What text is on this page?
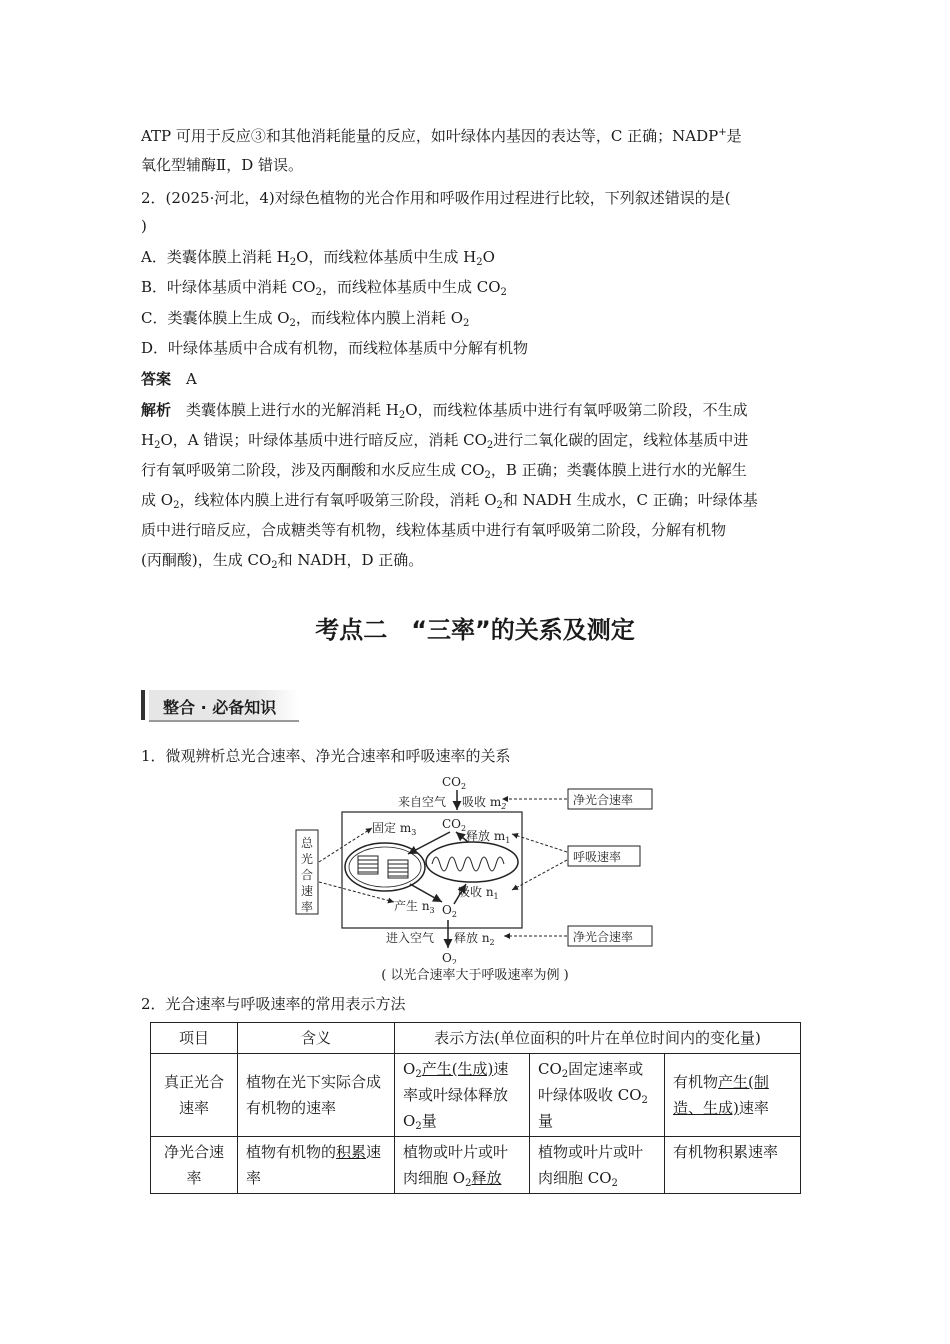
ATP 可用于反应③和其他消耗能量的反应，如叶绿体内基因的表达等，C 正确；NADP+是
氧化型辅酶Ⅱ，D 错误。
2．(2025·河北，4)对绿色植物的光合作用和呼吸作用过程进行比较，下列叙述错误的是(
)
A．类囊体膜上消耗 $H_2O$，而线粒体基质中生成 $H_2O$
B．叶绿体基质中消耗 $CO_2$，而线粒体基质中生成 $CO_2$
C．类囊体膜上生成 $O_2$，而线粒体内膜上消耗 $O_2$
D．叶绿体基质中合成有机物，而线粒体基质中分解有机物
答案　 A
解析　 类囊体膜上进行水的光解消耗 $H_2O$，而线粒体基质中进行有氧呼吸第二阶段，不生成
$H_2O$，A 错误；叶绿体基质中进行暗反应，消耗 $CO_2$进行二氧化碳的固定，线粒体基质中进
行有氧呼吸第二阶段，涉及丙酮酸和水反应生成 $CO_2$，B 正确；类囊体膜上进行水的光解生
成 $O_2$，线粒体内膜上进行有氧呼吸第三阶段，消耗 $O_2$和 NADH 生成水，C 正确；叶绿体基
质中进行暗反应，合成糖类等有机物，线粒体基质中进行有氧呼吸第二阶段，分解有机物
(丙酮酸)，生成 $CO_2$和 NADH，D 正确。
考点二　“三率”的关系及测定
整合 · 必备知识
1．微观辨析总光合速率、净光合速率和呼吸速率的关系
$CO_2$
来自空气 吸收 $m_2$	净光合速率
$CO_2$
固定 $m_3$	释放 $m_1$
吸收 $n_1$
产生 $n_3$ $O_2$
总
光
合
速
率
呼吸速率
进入空气 释放 $n_2$	净光合速率
$O_2$
( 以光合速率大于呼吸速率为例 )
2．光合速率与呼吸速率的常用表示方法
项目	含义	表示方法(单位面积的叶片在单位时间内的变化量)		
真正光合速率	植物在光下实际合成有机物的速率	$O_2$产生(生成)速率或叶绿体释放 $O_2$量	$CO_2$固定速率或叶绿体吸收 $CO_2$量	有机物产生(制造、生成)速率
净光合速率	植物有机物的积累速率	植物或叶片或叶肉细胞 $O_2$释放	植物或叶片或叶肉细胞 $CO_2$	有机物积累速率
